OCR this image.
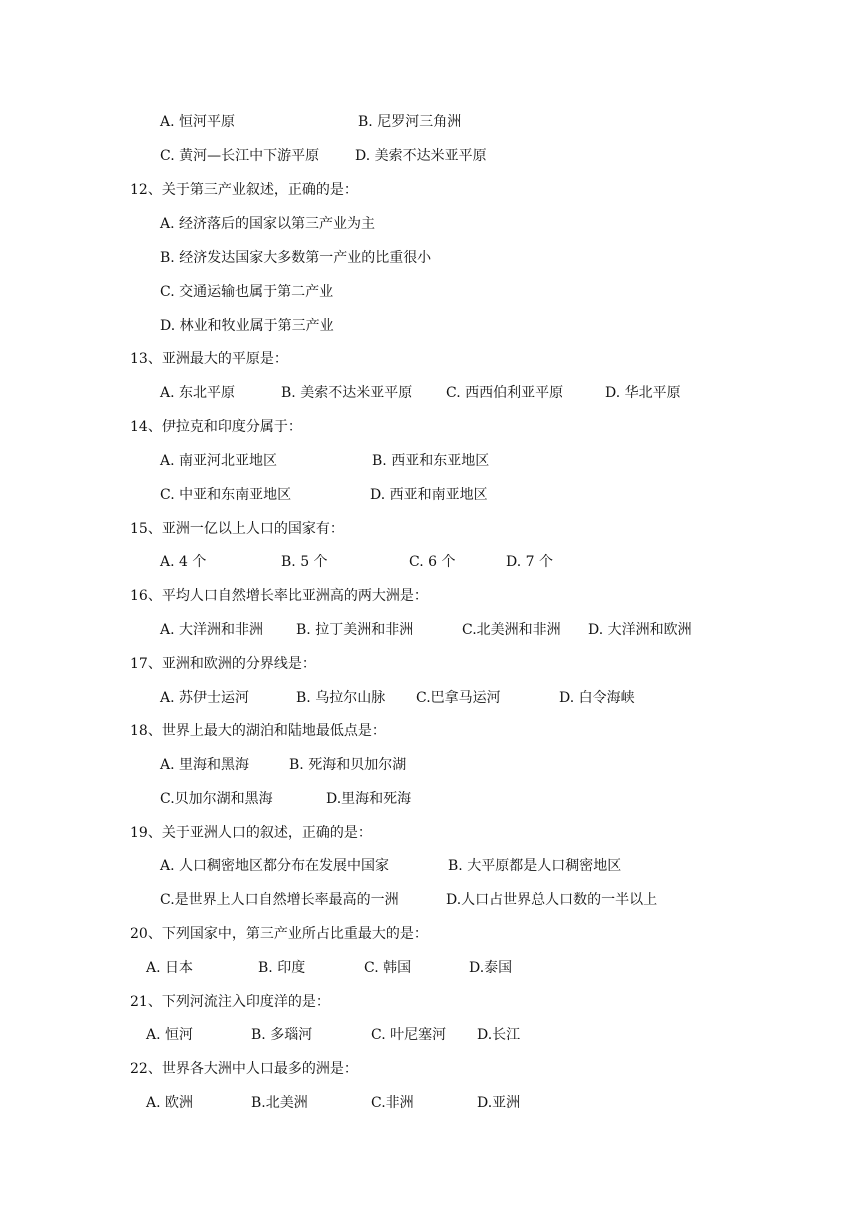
A. 恒河平原	B. 尼罗河三角洲
C. 黄河—长江中下游平原	D. 美索不达米亚平原
12、关于第三产业叙述，正确的是：
A. 经济落后的国家以第三产业为主
B. 经济发达国家大多数第一产业的比重很小
C. 交通运输也属于第二产业
D. 林业和牧业属于第三产业
13、亚洲最大的平原是：
A. 东北平原	B. 美索不达米亚平原 C. 西西伯利亚平原	D. 华北平原
14、伊拉克和印度分属于：
A. 南亚河北亚地区	B. 西亚和东亚地区
C. 中亚和东南亚地区	D. 西亚和南亚地区
15、亚洲一亿以上人口的国家有：
A. 4 个	B. 5 个	C. 6 个	D. 7 个
16、平均人口自然增长率比亚洲高的两大洲是：
A. 大洋洲和非洲 B. 拉丁美洲和非洲	C.北美洲和非洲 D. 大洋洲和欧洲
17、亚洲和欧洲的分界线是：
A. 苏伊士运河	B. 乌拉尔山脉 C.巴拿马运河	D. 白令海峡
18、世界上最大的湖泊和陆地最低点是：
A. 里海和黑海	B. 死海和贝加尔湖
C.贝加尔湖和黑海	D.里海和死海
19、关于亚洲人口的叙述，正确的是：
A. 人口稠密地区都分布在发展中国家	B. 大平原都是人口稠密地区
C.是世界上人口自然增长率最高的一洲	D.人口占世界总人口数的一半以上
20、下列国家中，第三产业所占比重最大的是：
A. 日本	B. 印度	C. 韩国	D.泰国
21、下列河流注入印度洋的是：
A. 恒河	B. 多瑙河	C. 叶尼塞河 D.长江
22、世界各大洲中人口最多的洲是：
A. 欧洲	B.北美洲	C.非洲	D.亚洲
